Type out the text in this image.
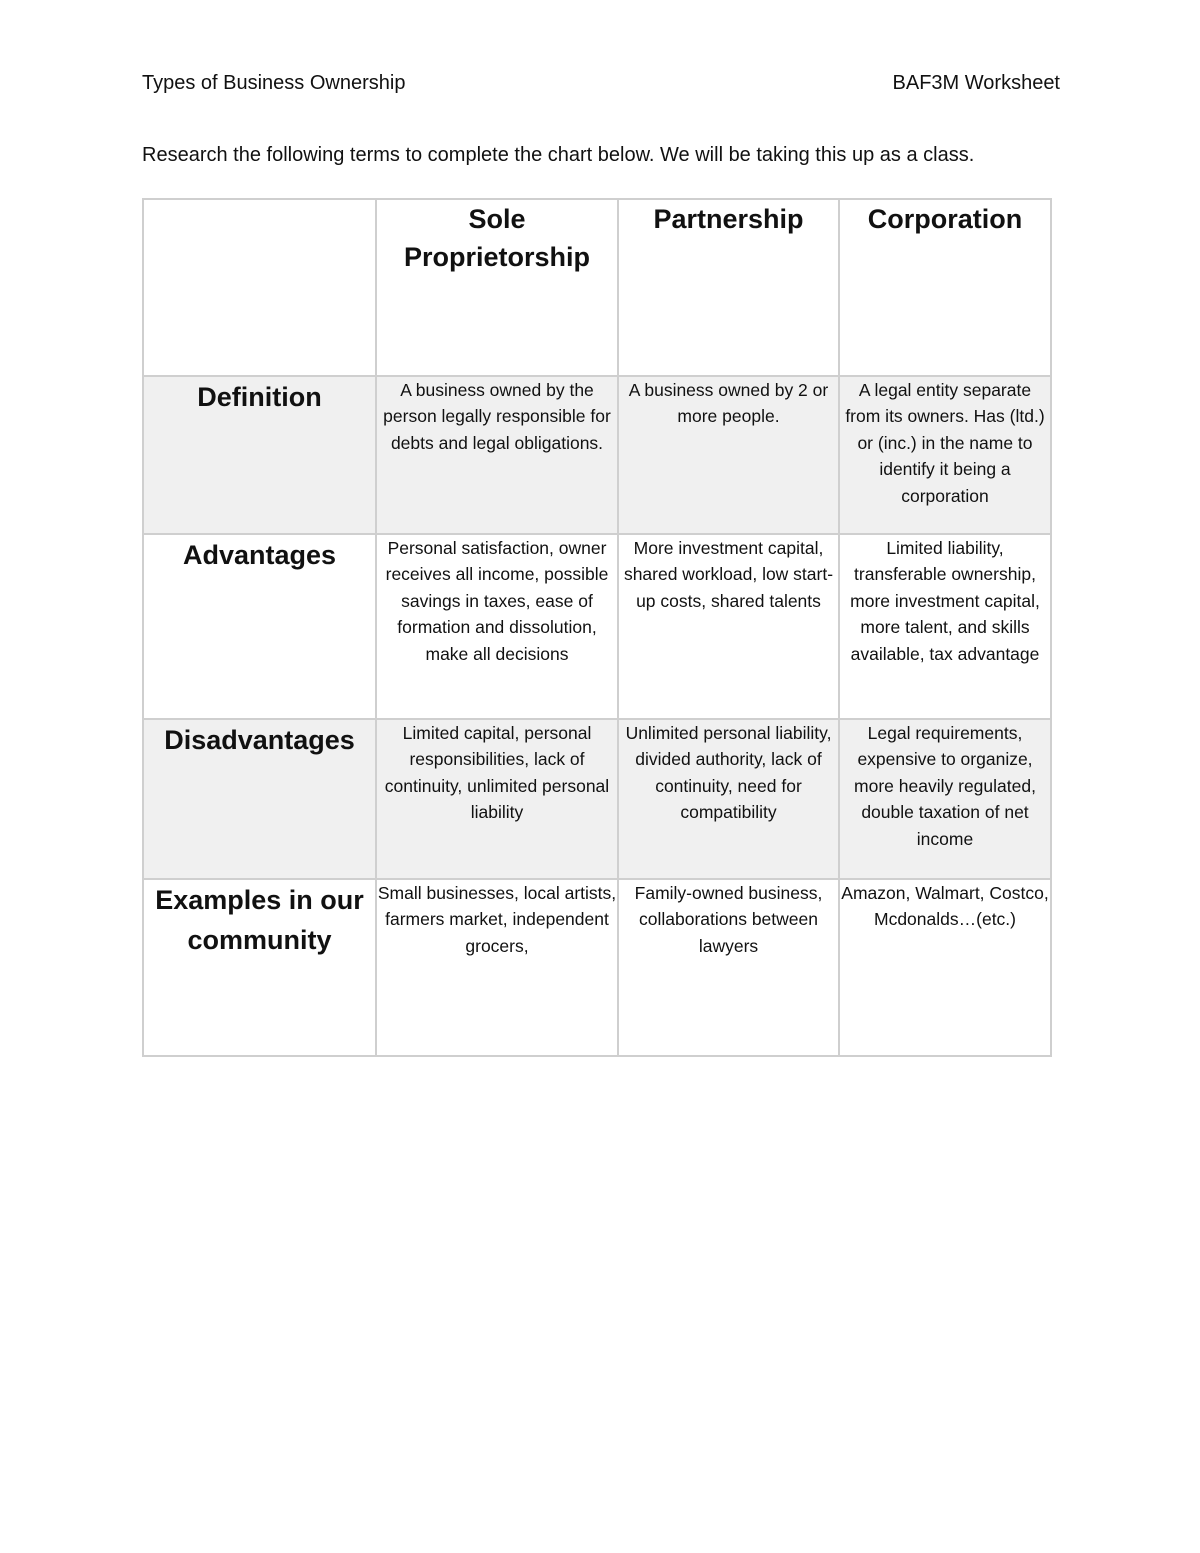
Types of Business Ownership	BAF3M Worksheet
Research the following terms to complete the chart below. We will be taking this up as a class.
	Sole Proprietorship	Partnership	Corporation
Definition	A business owned by the person legally responsible for debts and legal obligations.	A business owned by 2 or more people.	A legal entity separate from its owners. Has (ltd.) or (inc.) in the name to identify it being a corporation
Advantages	Personal satisfaction, owner receives all income, possible savings in taxes, ease of formation and dissolution, make all decisions	More investment capital, shared workload, low start-up costs, shared talents	Limited liability, transferable ownership, more investment capital, more talent, and skills available, tax advantage
Disadvantages	Limited capital, personal responsibilities, lack of continuity, unlimited personal liability	Unlimited personal liability, divided authority, lack of continuity, need for compatibility	Legal requirements, expensive to organize, more heavily regulated, double taxation of net income
Examples in our community	Small businesses, local artists, farmers market, independent grocers,	Family-owned business, collaborations between lawyers	Amazon, Walmart, Costco, Mcdonalds…(etc.)
